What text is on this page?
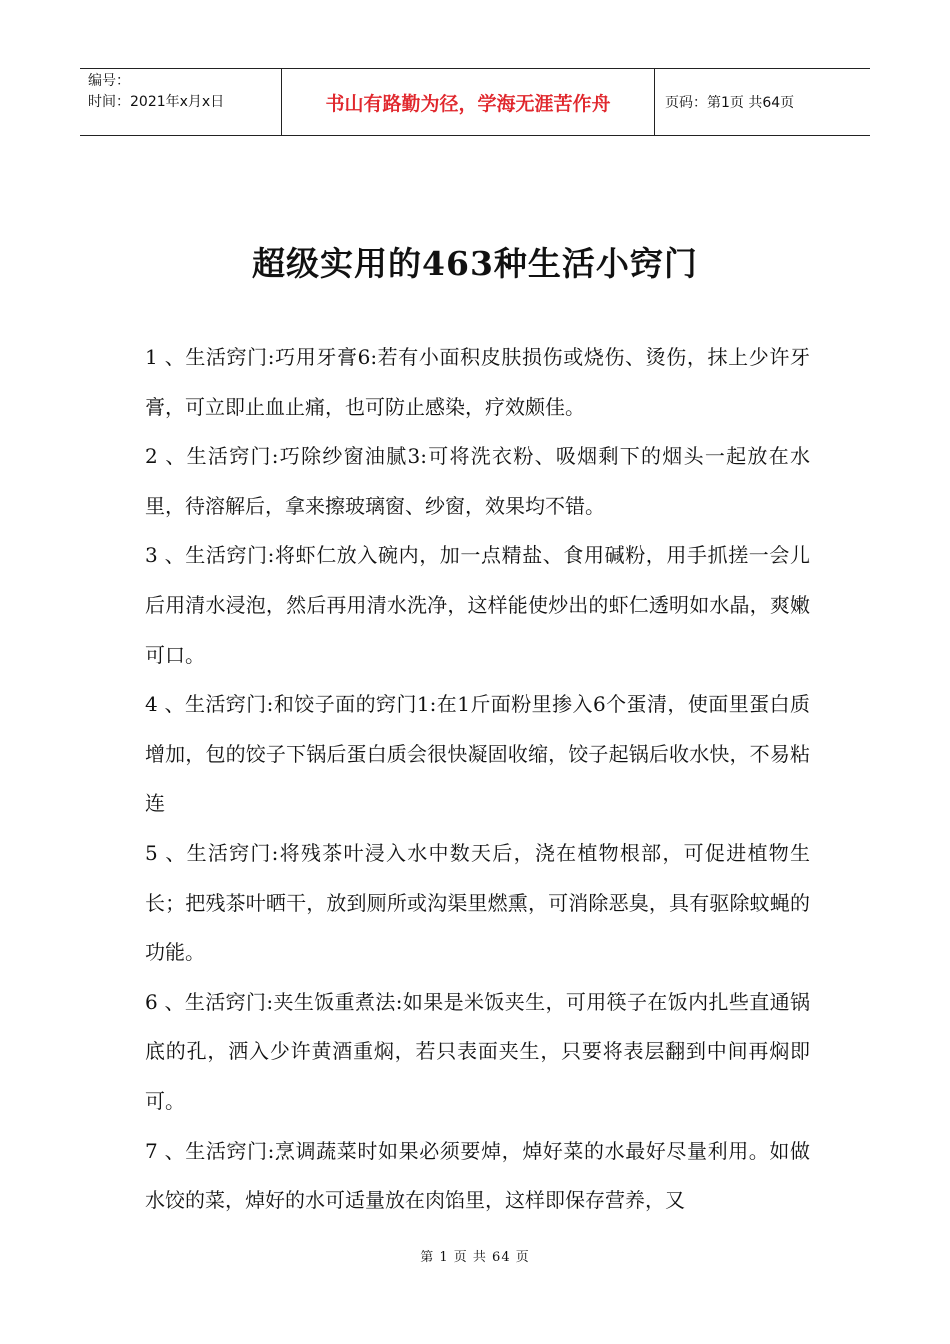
编号：
时间：2021年x月x日	书山有路勤为径，学海无涯苦作舟	页码：第1页 共64页
超级实用的463种生活小窍门

1 、生活窍门:巧用牙膏6:若有小面积皮肤损伤或烧伤、烫伤，抹上少许牙膏，可立即止血止痛，也可防止感染，疗效颇佳。

2 、生活窍门:巧除纱窗油腻3:可将洗衣粉、吸烟剩下的烟头一起放在水里，待溶解后，拿来擦玻璃窗、纱窗，效果均不错。

3 、生活窍门:将虾仁放入碗内，加一点精盐、食用碱粉，用手抓搓一会儿后用清水浸泡，然后再用清水洗净，这样能使炒出的虾仁透明如水晶，爽嫩可口。

4 、生活窍门:和饺子面的窍门1:在1斤面粉里掺入6个蛋清，使面里蛋白质增加，包的饺子下锅后蛋白质会很快凝固收缩，饺子起锅后收水快，不易粘连

5 、生活窍门:将残茶叶浸入水中数天后，浇在植物根部，可促进植物生长；把残茶叶晒干，放到厕所或沟渠里燃熏，可消除恶臭，具有驱除蚊蝇的功能。

6 、生活窍门:夹生饭重煮法:如果是米饭夹生，可用筷子在饭内扎些直通锅底的孔，洒入少许黄酒重焖，若只表面夹生，只要将表层翻到中间再焖即可。

7 、生活窍门:烹调蔬菜时如果必须要焯，焯好菜的水最好尽量利用。如做水饺的菜，焯好的水可适量放在肉馅里，这样即保存营养，又

第 1 页 共 64 页
